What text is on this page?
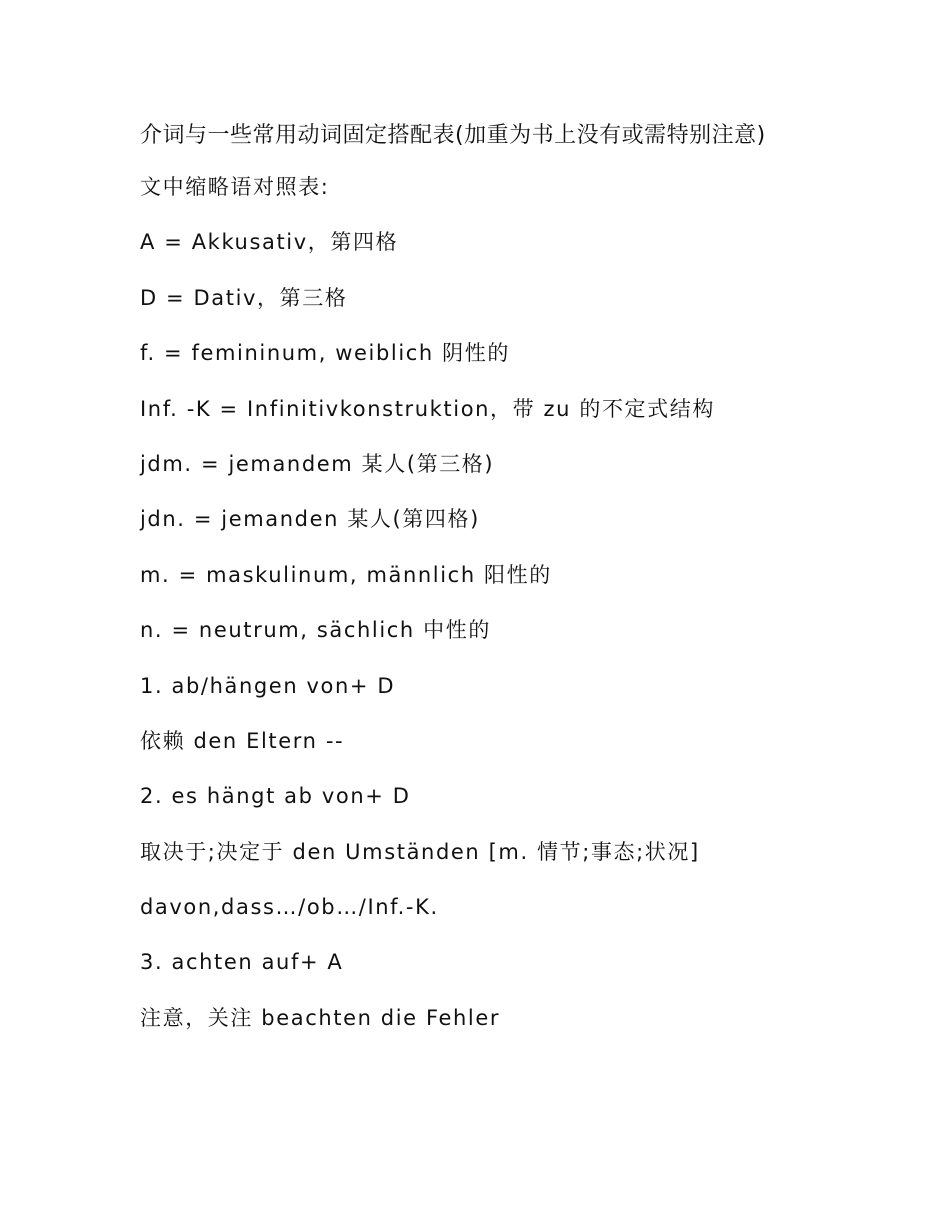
介词与一些常用动词固定搭配表(加重为书上没有或需特别注意)
文中缩略语对照表:
A = Akkusativ，第四格
D = Dativ，第三格
f. = femininum, weiblich 阴性的
Inf. -K = Infinitivkonstruktion，带 zu 的不定式结构
jdm. = jemandem 某人(第三格)
jdn. = jemanden 某人(第四格)
m. = maskulinum, männlich 阳性的
n. = neutrum, sächlich 中性的
1. ab/hängen von+ D
依赖 den Eltern --
2. es hängt ab von+ D
取决于;决定于 den Umständen [m. 情节;事态;状况]
davon,dass…/ob…/Inf.-K.
3. achten auf+ A
注意，关注 beachten die Fehler
